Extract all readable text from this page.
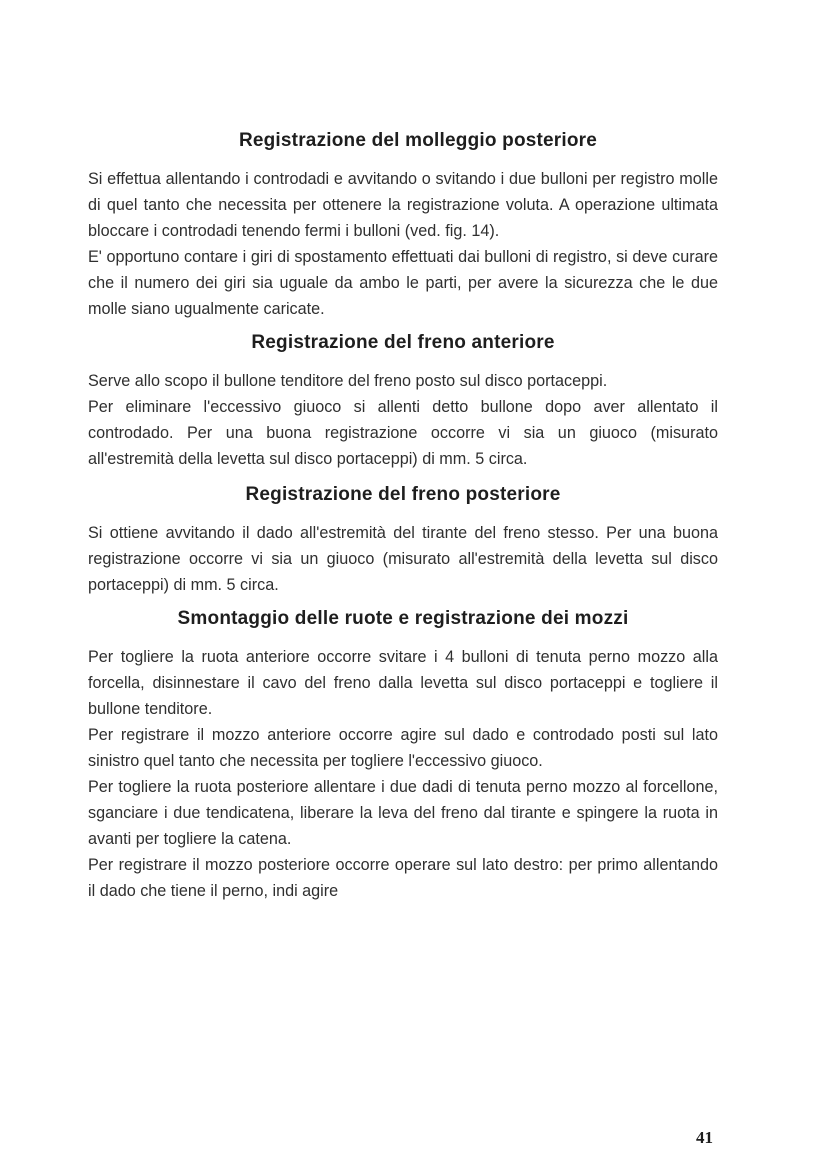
Registrazione del molleggio posteriore

Si effettua allentando i controdadi e avvitando o svitando i due bulloni per registro molle di quel tanto che necessita per ottenere la registrazione voluta. A operazione ultimata bloccare i controdadi tenendo fermi i bulloni (ved. fig. 14).

E' opportuno contare i giri di spostamento effettuati dai bulloni di registro, si deve curare che il numero dei giri sia uguale da ambo le parti, per avere la sicurezza che le due molle siano ugualmente caricate.

Registrazione del freno anteriore

Serve allo scopo il bullone tenditore del freno posto sul disco portaceppi.

Per eliminare l'eccessivo giuoco si allenti detto bullone dopo aver allentato il controdado. Per una buona registrazione occorre vi sia un giuoco (misurato all'estremità della levetta sul disco portaceppi) di mm. 5 circa.

Registrazione del freno posteriore

Si ottiene avvitando il dado all'estremità del tirante del freno stesso. Per una buona registrazione occorre vi sia un giuoco (misurato all'estremità della levetta sul disco portaceppi) di mm. 5 circa.

Smontaggio delle ruote e registrazione dei mozzi

Per togliere la ruota anteriore occorre svitare i 4 bulloni di tenuta perno mozzo alla forcella, disinnestare il cavo del freno dalla levetta sul disco portaceppi e togliere il bullone tenditore.

Per registrare il mozzo anteriore occorre agire sul dado e controdado posti sul lato sinistro quel tanto che necessita per togliere l'eccessivo giuoco.

Per togliere la ruota posteriore allentare i due dadi di tenuta perno mozzo al forcellone, sganciare i due tendicatena, liberare la leva del freno dal tirante e spingere la ruota in avanti per togliere la catena.

Per registrare il mozzo posteriore occorre operare sul lato destro: per primo allentando il dado che tiene il perno, indi agire

41
